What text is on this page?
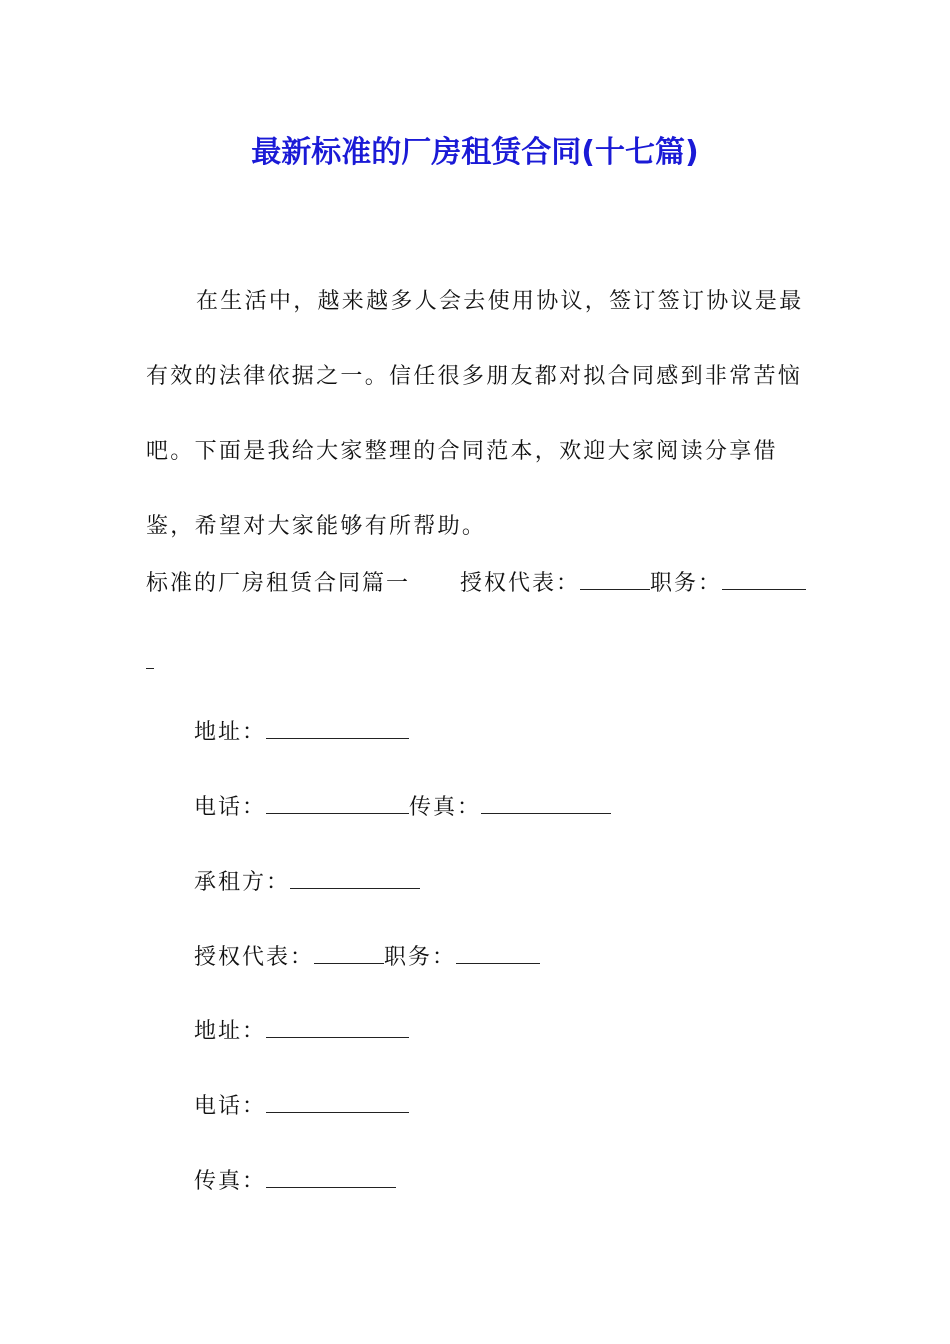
最新标准的厂房租赁合同(十七篇)

在生活中，越来越多人会去使用协议，签订签订协议是最有效的法律依据之一。信任很多朋友都对拟合同感到非常苦恼吧。下面是我给大家整理的合同范本，欢迎大家阅读分享借鉴，希望对大家能够有所帮助。

标准的厂房租赁合同篇一 授权代表：	职务：
地址：
电话：	传真：
承租方：
授权代表：	职务：
地址：
电话：
传真：
